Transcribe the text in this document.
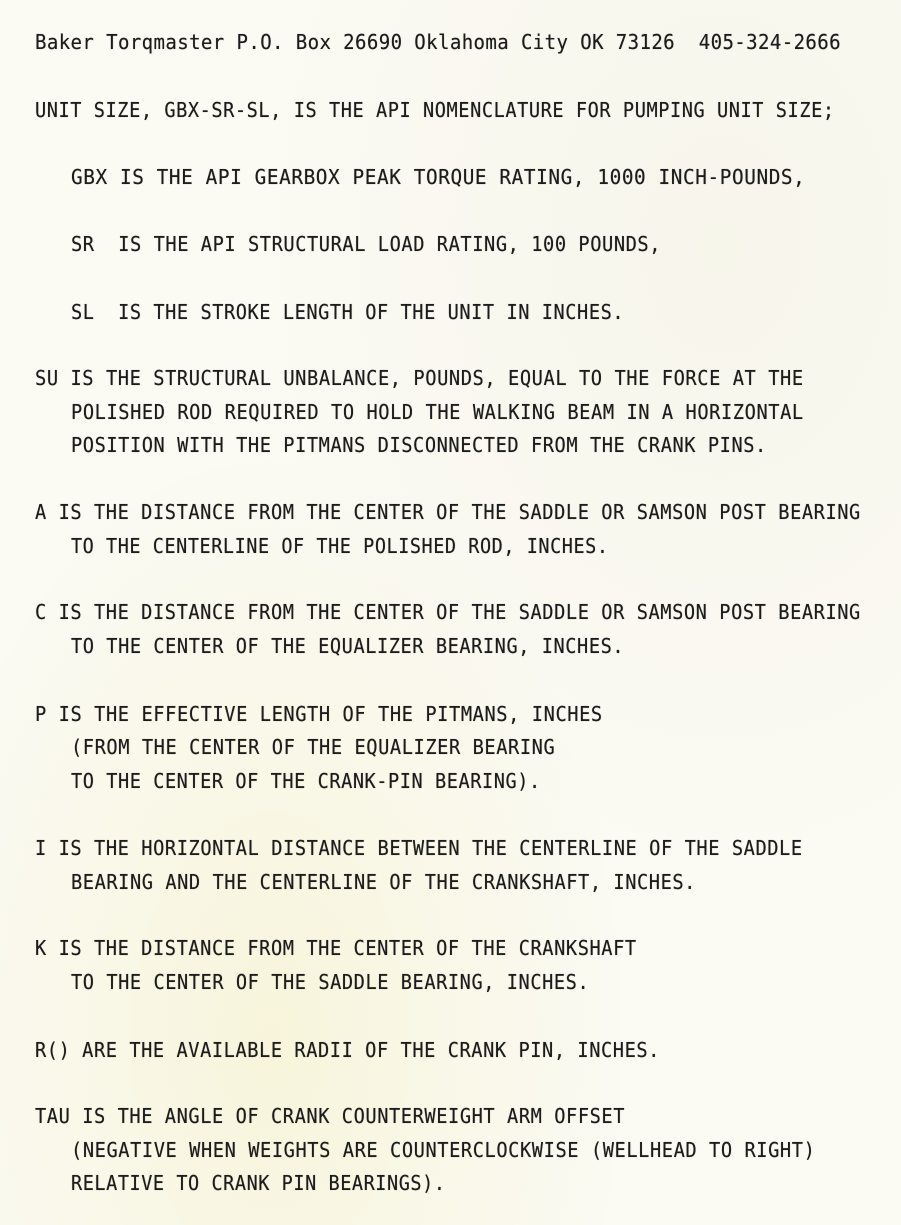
Baker Torqmaster P.O. Box 26690 Oklahoma City OK 73126  405-324-2666
UNIT SIZE, GBX-SR-SL, IS THE API NOMENCLATURE FOR PUMPING UNIT SIZE;
GBX IS THE API GEARBOX PEAK TORQUE RATING, 1000 INCH-POUNDS,
SR  IS THE API STRUCTURAL LOAD RATING, 100 POUNDS,
SL  IS THE STROKE LENGTH OF THE UNIT IN INCHES.
SU IS THE STRUCTURAL UNBALANCE, POUNDS, EQUAL TO THE FORCE AT THE
POLISHED ROD REQUIRED TO HOLD THE WALKING BEAM IN A HORIZONTAL
POSITION WITH THE PITMANS DISCONNECTED FROM THE CRANK PINS.
A IS THE DISTANCE FROM THE CENTER OF THE SADDLE OR SAMSON POST BEARING
TO THE CENTERLINE OF THE POLISHED ROD, INCHES.
C IS THE DISTANCE FROM THE CENTER OF THE SADDLE OR SAMSON POST BEARING
TO THE CENTER OF THE EQUALIZER BEARING, INCHES.
P IS THE EFFECTIVE LENGTH OF THE PITMANS, INCHES
(FROM THE CENTER OF THE EQUALIZER BEARING
TO THE CENTER OF THE CRANK-PIN BEARING).
I IS THE HORIZONTAL DISTANCE BETWEEN THE CENTERLINE OF THE SADDLE
BEARING AND THE CENTERLINE OF THE CRANKSHAFT, INCHES.
K IS THE DISTANCE FROM THE CENTER OF THE CRANKSHAFT
TO THE CENTER OF THE SADDLE BEARING, INCHES.
R() ARE THE AVAILABLE RADII OF THE CRANK PIN, INCHES.
TAU IS THE ANGLE OF CRANK COUNTERWEIGHT ARM OFFSET
(NEGATIVE WHEN WEIGHTS ARE COUNTERCLOCKWISE (WELLHEAD TO RIGHT)
RELATIVE TO CRANK PIN BEARINGS).
